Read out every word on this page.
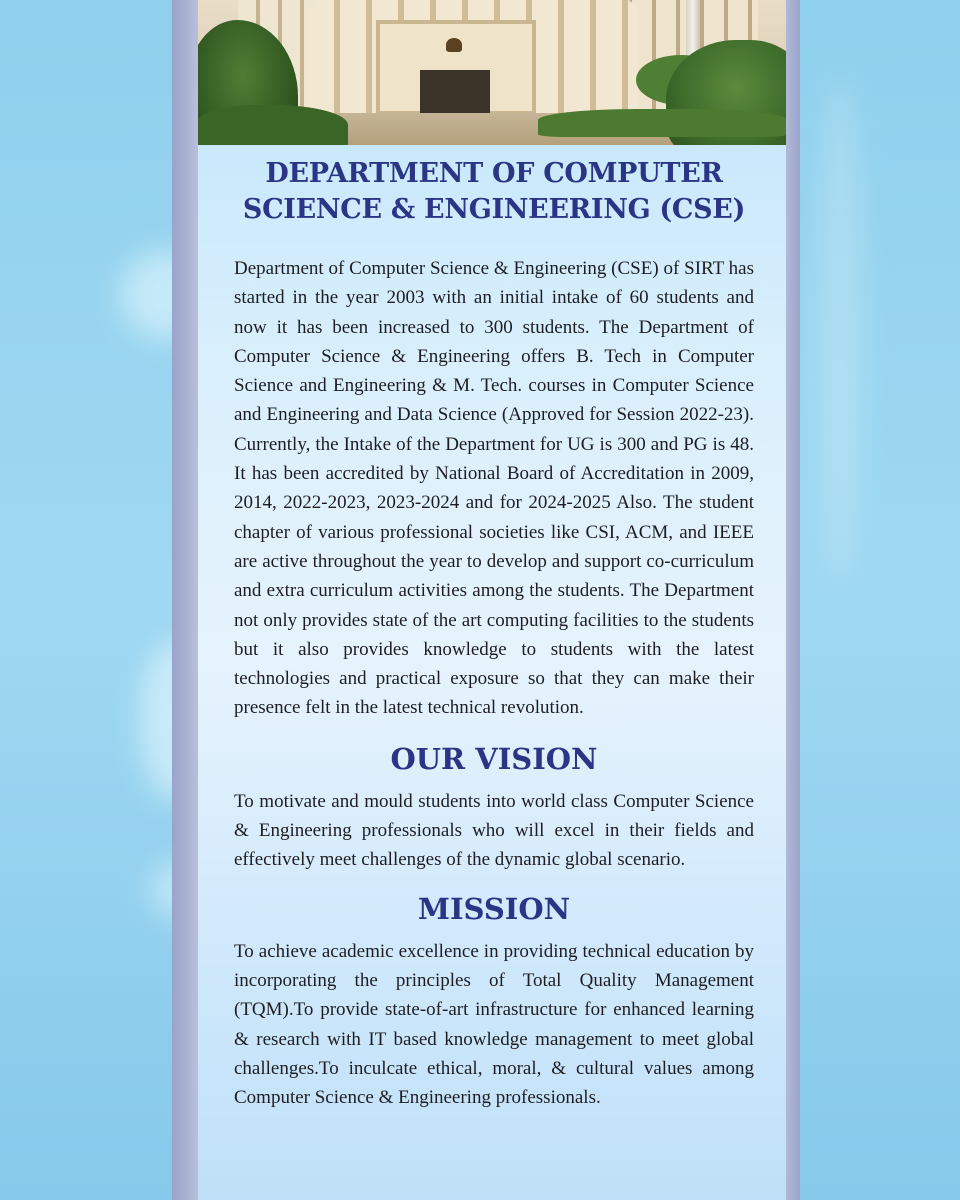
DEPARTMENT OF COMPUTER SCIENCE & ENGINEERING (CSE)

Department of Computer Science & Engineering (CSE) of SIRT has started in the year 2003 with an initial intake of 60 students and now it has been increased to 300 students. The Department of Computer Science & Engineering offers B. Tech in Computer Science and Engineering & M. Tech. courses in Computer Science and Engineering and Data Science (Approved for Session 2022-23). Currently, the Intake of the Department for UG is 300 and PG is 48. It has been accredited by National Board of Accreditation in 2009, 2014, 2022-2023, 2023-2024 and for 2024-2025 Also. The student chapter of various professional societies like CSI, ACM, and IEEE are active throughout the year to develop and support co-curriculum and extra curriculum activities among the students. The Department not only provides state of the art computing facilities to the students but it also provides knowledge to students with the latest technologies and practical exposure so that they can make their presence felt in the latest technical revolution.

OUR VISION

To motivate and mould students into world class Computer Science & Engineering professionals who will excel in their fields and effectively meet challenges of the dynamic global scenario.

MISSION

To achieve academic excellence in providing technical education by incorporating the principles of Total Quality Management (TQM).To provide state-of-art infrastructure for enhanced learning & research with IT based knowledge management to meet global challenges.To inculcate ethical, moral, & cultural values among Computer Science & Engineering professionals.
